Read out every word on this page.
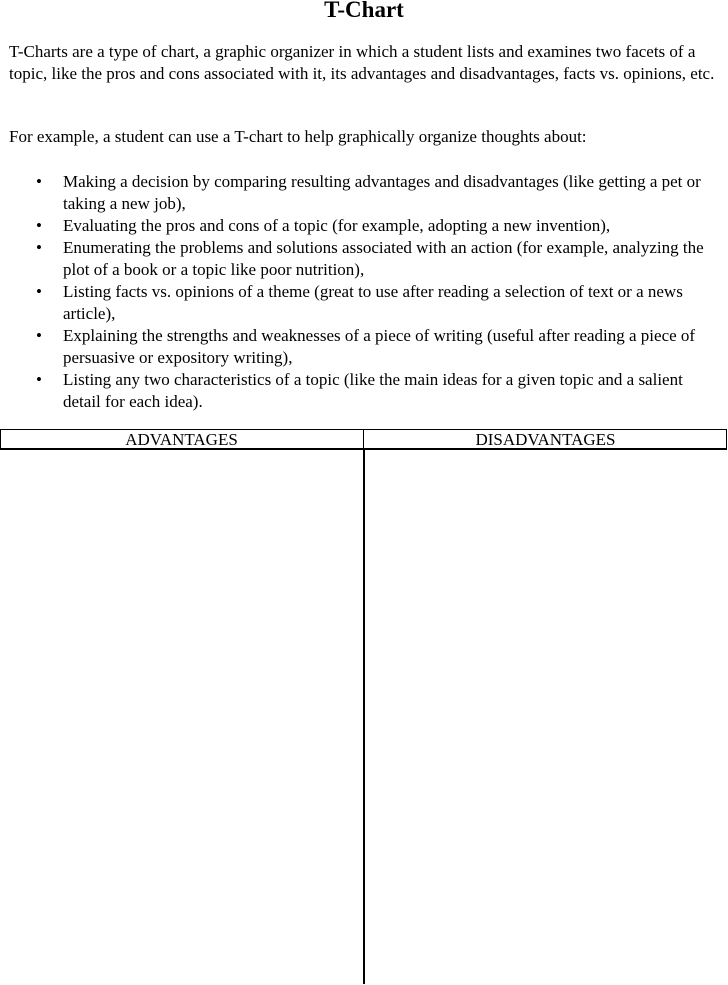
T-Chart

T-Charts are a type of chart, a graphic organizer in which a student lists and examines two facets of a topic, like the pros and cons associated with it, its advantages and disadvantages, facts vs. opinions, etc.

For example, a student can use a T-chart to help graphically organize thoughts about:

• Making a decision by comparing resulting advantages and disadvantages (like getting a pet or taking a new job),
• Evaluating the pros and cons of a topic (for example, adopting a new invention),
• Enumerating the problems and solutions associated with an action (for example, analyzing the plot of a book or a topic like poor nutrition),
• Listing facts vs. opinions of a theme (great to use after reading a selection of text or a news article),
• Explaining the strengths and weaknesses of a piece of writing (useful after reading a piece of persuasive or expository writing),
• Listing any two characteristics of a topic (like the main ideas for a given topic and a salient detail for each idea).
ADVANTAGES	DISADVANTAGES
